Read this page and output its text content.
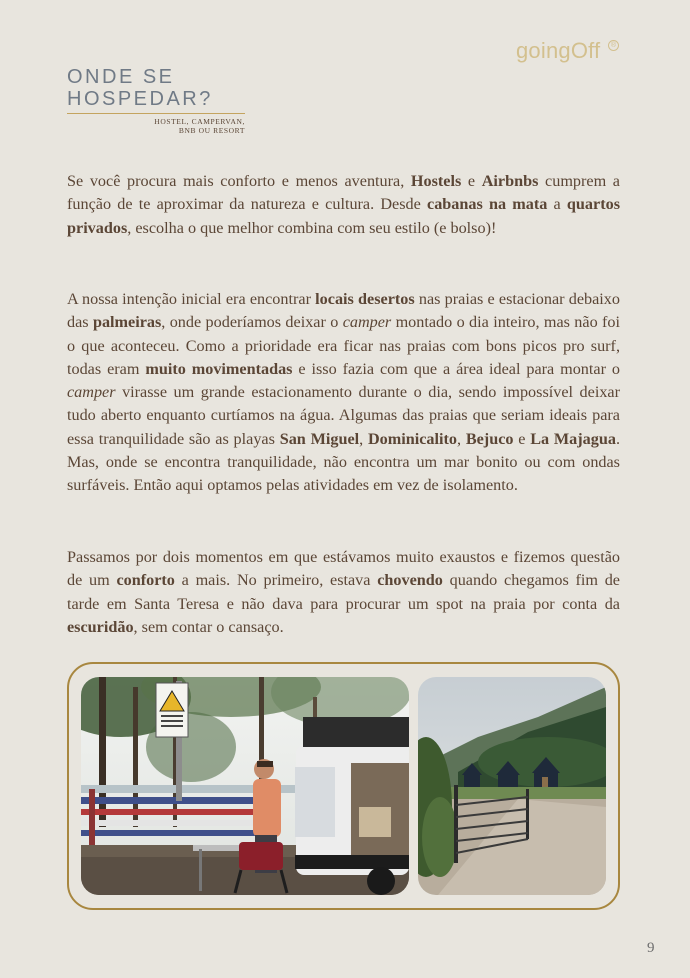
goingOff	®
ONDE SE
HOSPEDAR?
HOSTEL, CAMPERVAN,
BNB OU RESORT

Se você procura mais conforto e menos aventura, Hostels e Airbnbs cumprem a função de te aproximar da natureza e cultura. Desde cabanas na mata a quartos privados, escolha o que melhor combina com seu estilo (e bolso)!

A nossa intenção inicial era encontrar locais desertos nas praias e estacionar debaixo das palmeiras, onde poderíamos deixar o camper montado o dia inteiro, mas não foi o que aconteceu. Como a prioridade era ficar nas praias com bons picos pro surf, todas eram muito movimentadas e isso fazia com que a área ideal para montar o camper virasse um grande estacionamento durante o dia, sendo impossível deixar tudo aberto enquanto curtíamos na água. Algumas das praias que seriam ideais para essa tranquilidade são as playas San Miguel, Dominicalito, Bejuco e La Majagua. Mas, onde se encontra tranquilidade, não encontra um mar bonito ou com ondas surfáveis. Então aqui optamos pelas atividades em vez de isolamento.

Passamos por dois momentos em que estávamos muito exaustos e fizemos questão de um conforto a mais. No primeiro, estava chovendo quando chegamos fim de tarde em Santa Teresa e não dava para procurar um spot na praia por conta da escuridão, sem contar o cansaço.

9
